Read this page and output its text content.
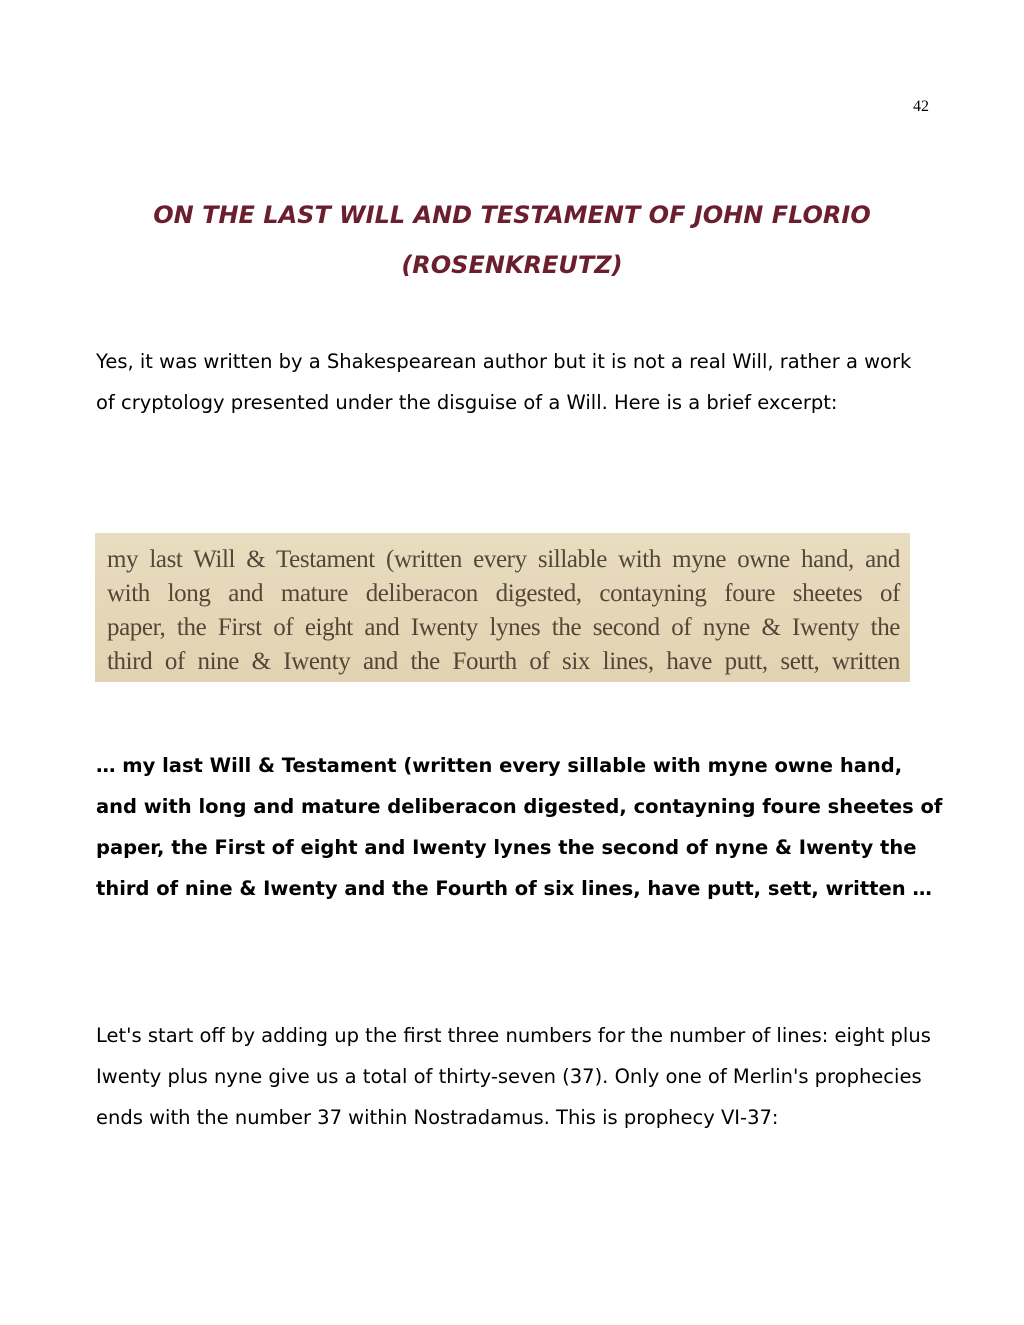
42
ON THE LAST WILL AND TESTAMENT OF JOHN FLORIO (ROSENKREUTZ)

Yes, it was written by a Shakespearean author but it is not a real Will, rather a work of cryptology presented under the disguise of a Will. Here is a brief excerpt:

my last Will & Testament (written every sillable with myne owne hand, and
with long and mature deliberacon digested, contayning foure sheetes of
paper, the First of eight and Iwenty lynes the second of nyne & Iwenty the
third of nine & Iwenty and the Fourth of six lines, have putt, sett, written

… my last Will & Testament (written every sillable with myne owne hand, and with long and mature deliberacon digested, contayning foure sheetes of paper, the First of eight and Iwenty lynes the second of nyne & Iwenty the third of nine & Iwenty and the Fourth of six lines, have putt, sett, written …

Let's start off by adding up the first three numbers for the number of lines: eight plus Iwenty plus nyne give us a total of thirty-seven (37). Only one of Merlin's prophecies ends with the number 37 within Nostradamus. This is prophecy VI-37:
